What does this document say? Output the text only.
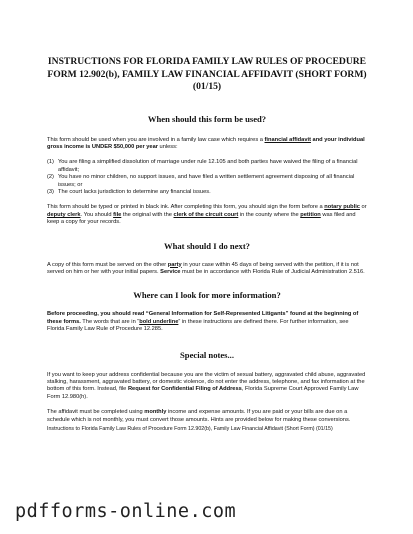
INSTRUCTIONS FOR FLORIDA FAMILY LAW RULES OF PROCEDURE FORM 12.902(b), FAMILY LAW FINANCIAL AFFIDAVIT (SHORT FORM) (01/15)
When should this form be used?

This form should be used when you are involved in a family law case which requires a financial affidavit and your individual gross income is UNDER $50,000 per year unless:

(1) You are filing a simplified dissolution of marriage under rule 12.105 and both parties have waived the filing of a financial affidavit;
(2) You have no minor children, no support issues, and have filed a written settlement agreement disposing of all financial issues; or
(3) The court lacks jurisdiction to determine any financial issues.

This form should be typed or printed in black ink. After completing this form, you should sign the form before a notary public or deputy clerk. You should file the original with the clerk of the circuit court in the county where the petition was filed and keep a copy for your records.

What should I do next?

A copy of this form must be served on the other party in your case within 45 days of being served with the petition, if it is not served on him or her with your initial papers. Service must be in accordance with Florida Rule of Judicial Administration 2.516.

Where can I look for more information?

Before proceeding, you should read “General Information for Self-Represented Litigants” found at the beginning of these forms. The words that are in “bold underline” in these instructions are defined there. For further information, see Florida Family Law Rule of Procedure 12.285.

Special notes...

If you want to keep your address confidential because you are the victim of sexual battery, aggravated child abuse, aggravated stalking, harassment, aggravated battery, or domestic violence, do not enter the address, telephone, and fax information at the bottom of this form. Instead, file Request for Confidential Filing of Address, Florida Supreme Court Approved Family Law Form 12.980(h).

The affidavit must be completed using monthly income and expense amounts. If you are paid or your bills are due on a schedule which is not monthly, you must convert those amounts. Hints are provided below for making these conversions.

Instructions to Florida Family Law Rules of Procedure Form 12.902(b), Family Law Financial Affidavit (Short Form) (01/15)

pdfforms-online.com
